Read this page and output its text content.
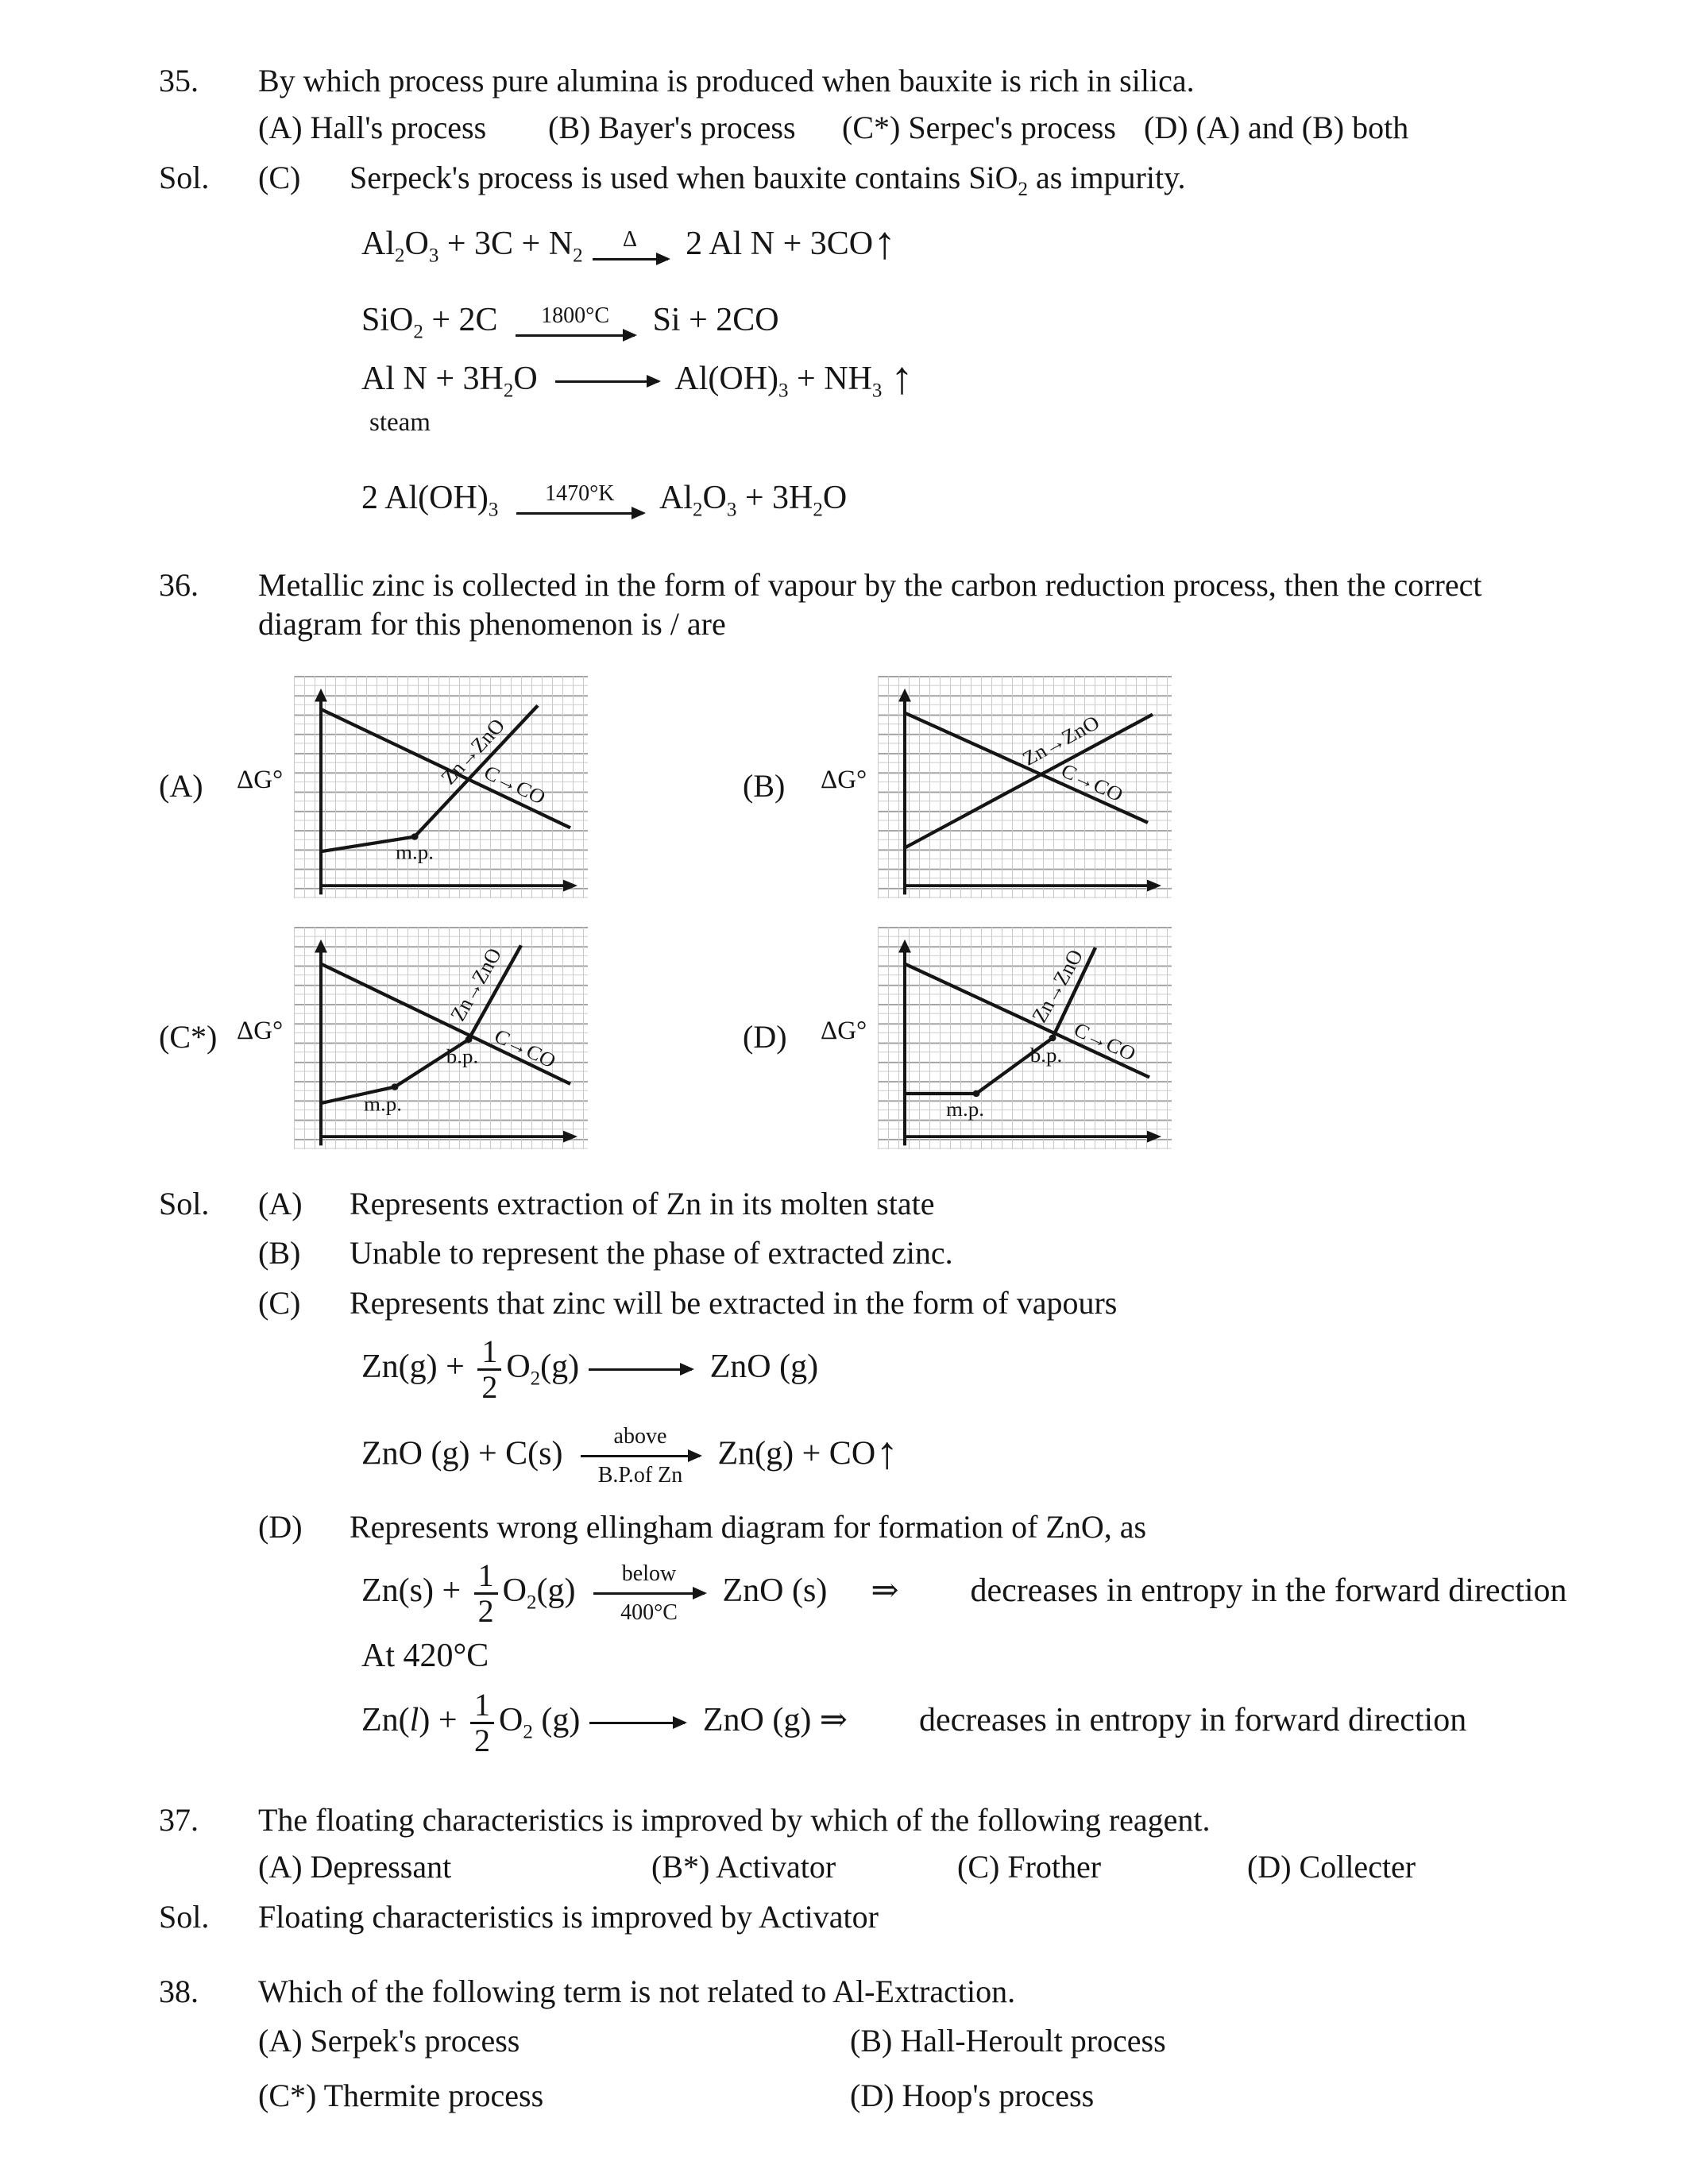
35.	By which process pure alumina is produced when bauxite is rich in silica.
(A) Hall's process	(B) Bayer's process	(C*) Serpec's process (D) (A) and (B) both
Sol.	(C)	Serpeck's process is used when bauxite contains SiO$_2$ as impurity.
$Al_2O_3 + 3C + N_2$
Δ 2 Al N + 3CO↑
SiO$_2$ + 2C 1800°C Si + 2CO
Al $N + 3H_2O$	$Al(OH)_3 + NH_3$ ↑
steam
2 $Al(OH)_3$
1470°K $Al_2O_3 + 3H_2O$
36.	Metallic zinc is collected in the form of vapour by the carbon reduction process, then the correct diagram for this phenomenon is / are
(A)	ΔG°	Zn→ZnO
C→CO
m.p.
(B)	ΔG°
Zn→ZnO
C→CO
(C*) ΔG°
Zn→ZnO
C→CO
m.p.
b.p.
(D)	ΔG°
Zn→ZnO
C→CO
m.p.
b.p.
Sol.	(A)	Represents extraction of Zn in its molten state
(B)	Unable to represent the phase of extracted zinc.
(C)	Represents that zinc will be extracted in the form of vapours
$Zn(g) + \frac{1}{2} O_2(g)$	ZnO (g)
ZnO (g) + C(s) above
B.P.of Zn
Zn(g) + CO↑
(D)	Represents wrong ellingham diagram for formation of ZnO, as
$Zn(s) + \frac{1}{2} O_2(g)$ below
400°C
ZnO (s) ⇒ decreases in entropy in the forward direction
At 420°C
$Zn(l) + \frac{1}{2} O_2$ (g)	ZnO (g) ⇒ decreases in entropy in forward direction
37.	The floating characteristics is improved by which of the following reagent.
(A) Depressant	(B*) Activator	(C) Frother	(D) Collecter
Sol.	Floating characteristics is improved by Activator
38.	Which of the following term is not related to Al-Extraction.
(A) Serpek's process	(B) Hall-Heroult process
(C*) Thermite process	(D) Hoop's process
